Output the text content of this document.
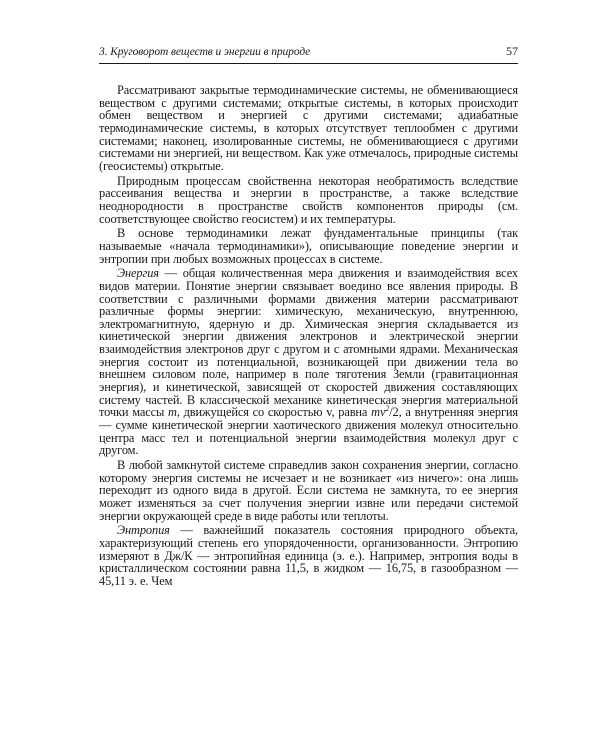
3. Круговорот веществ и энергии в природе	57

Рассматривают закрытые термодинамические системы, не обменивающиеся веществом с другими системами; открытые системы, в которых происходит обмен веществом и энергией с другими системами; адиабатные термодинамические системы, в которых отсутствует теплообмен с другими системами; наконец, изолированные системы, не обменивающиеся с другими системами ни энергией, ни веществом. Как уже отмечалось, природные системы (геосистемы) открытые.

Природным процессам свойственна некоторая необратимость вследствие рассеивания вещества и энергии в пространстве, а также вследствие неоднородности в пространстве свойств компонентов природы (см. соответствующее свойство геосистем) и их температуры.

В основе термодинамики лежат фундаментальные принципы (так называемые «начала термодинамики»), описывающие поведение энергии и энтропии при любых возможных процессах в системе.

Энергия — общая количественная мера движения и взаимодействия всех видов материи. Понятие энергии связывает воедино все явления природы. В соответствии с различными формами движения материи рассматривают различные формы энергии: химическую, механическую, внутреннюю, электромагнитную, ядерную и др. Химическая энергия складывается из кинетической энергии движения электронов и электрической энергии взаимодействия электронов друг с другом и с атомными ядрами. Механическая энергия состоит из потенциальной, возникающей при движении тела во внешнем силовом поле, например в поле тяготения Земли (гравитационная энергия), и кинетической, зависящей от скоростей движения составляющих систему частей. В классической механике кинетическая энергия материальной точки массы m, движущейся со скоростью v, равна $mv^2/2$, а внутренняя энергия — сумме кинетической энергии хаотического движения молекул относительно центра масс тел и потенциальной энергии взаимодействия молекул друг с другом.

В любой замкнутой системе справедлив закон сохранения энергии, согласно которому энергия системы не исчезает и не возникает «из ничего»: она лишь переходит из одного вида в другой. Если система не замкнута, то ее энергия может изменяться за счет получения энергии извне или передачи системой энергии окружающей среде в виде работы или теплоты.

Энтропия — важнейший показатель состояния природного объекта, характеризующий степень его упорядоченности, организованности. Энтропию измеряют в Дж/К — энтропийная единица (э. е.). Например, энтропия воды в кристаллическом состоянии равна 11,5, в жидком — 16,75, в газообразном — 45,11 э. е. Чем
